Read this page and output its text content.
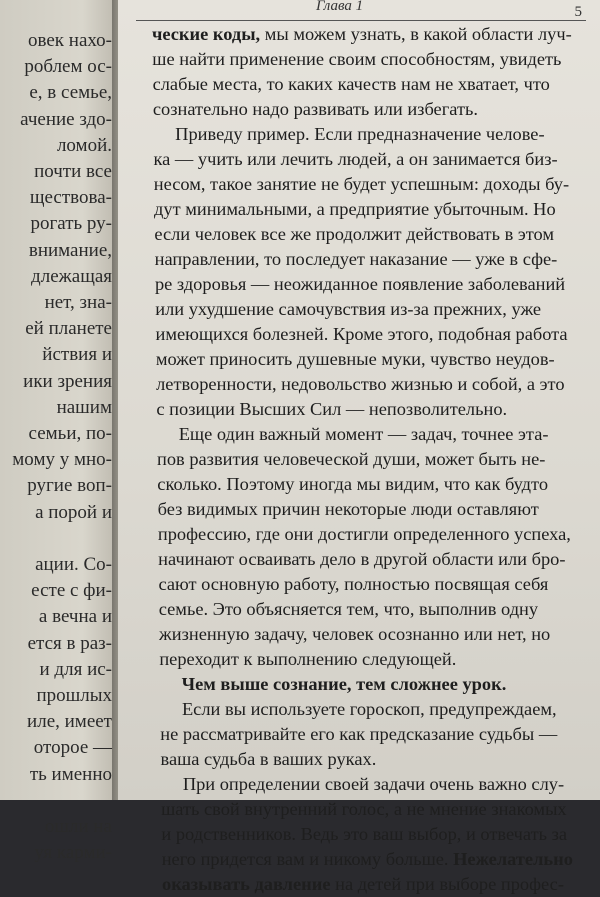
овек нахо-
роблем ос-
е, в семье,
ачение здо-
ломой.
почти все
ществова-
рогать ру-
внимание,
длежащая
нет, зна-
ей планете
йствия и
ики зрения
нашим
семьи, по-
мому у мно-
ругие воп-
а порой и

ации. Со-
есте с фи-
а вечна и
ется в раз-
и для ис-
прошлых
иле, имеет
оторое —
ть именно

ошли на
уя карми-
Глава 1	5
ческие коды, мы можем узнать, в какой области луч-
ше найти применение своим способностям, увидеть
слабые места, то каких качеств нам не хватает, что
сознательно надо развивать или избегать.
Приведу пример. Если предназначение челове-
ка — учить или лечить людей, а он занимается биз-
несом, такое занятие не будет успешным: доходы бу-
дут минимальными, а предприятие убыточным. Но
если человек все же продолжит действовать в этом
направлении, то последует наказание — уже в сфе-
ре здоровья — неожиданное появление заболеваний
или ухудшение самочувствия из-за прежних, уже
имеющихся болезней. Кроме этого, подобная работа
может приносить душевные муки, чувство неудов-
летворенности, недовольство жизнью и собой, а это
с позиции Высших Сил — непозволительно.
Еще один важный момент — задач, точнее эта-
пов развития человеческой души, может быть не-
сколько. Поэтому иногда мы видим, что как будто
без видимых причин некоторые люди оставляют
профессию, где они достигли определенного успеха,
начинают осваивать дело в другой области или бро-
сают основную работу, полностью посвящая себя
семье. Это объясняется тем, что, выполнив одну
жизненную задачу, человек осознанно или нет, но
переходит к выполнению следующей.
Чем выше сознание, тем сложнее урок.
Если вы используете гороскоп, предупреждаем,
не рассматривайте его как предсказание судьбы —
ваша судьба в ваших руках.
При определении своей задачи очень важно слу-
шать свой внутренний голос, а не мнение знакомых
и родственников. Ведь это ваш выбор, и отвечать за
него придется вам и никому больше. Нежелательно
оказывать давление на детей при выборе профес-
